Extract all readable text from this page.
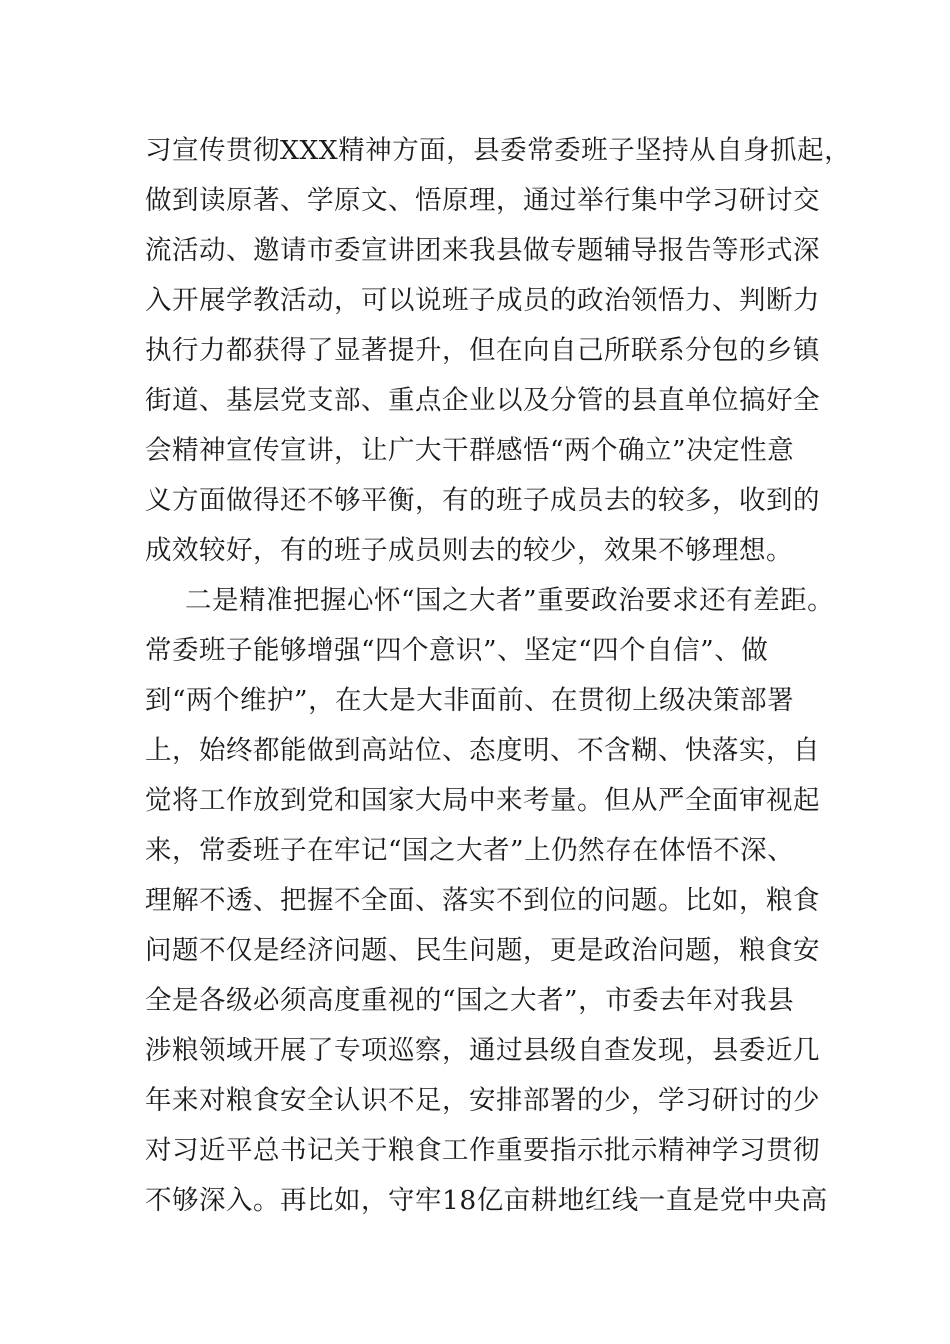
习宣传贯彻XXX精神方面，县委常委班子坚持从自身抓起，
做到读原著、学原文、悟原理，通过举行集中学习研讨交
流活动、邀请市委宣讲团来我县做专题辅导报告等形式深
入开展学教活动，可以说班子成员的政治领悟力、判断力
执行力都获得了显著提升，但在向自己所联系分包的乡镇
街道、基层党支部、重点企业以及分管的县直单位搞好全
会精神宣传宣讲，让广大干群感悟“两个确立”决定性意
义方面做得还不够平衡，有的班子成员去的较多，收到的
成效较好，有的班子成员则去的较少，效果不够理想。
二是精准把握心怀“国之大者”重要政治要求还有差距。
常委班子能够增强“四个意识”、坚定“四个自信”、做
到“两个维护”，在大是大非面前、在贯彻上级决策部署
上，始终都能做到高站位、态度明、不含糊、快落实，自
觉将工作放到党和国家大局中来考量。但从严全面审视起
来，常委班子在牢记“国之大者”上仍然存在体悟不深、
理解不透、把握不全面、落实不到位的问题。比如，粮食
问题不仅是经济问题、民生问题，更是政治问题，粮食安
全是各级必须高度重视的“国之大者”，市委去年对我县
涉粮领域开展了专项巡察，通过县级自查发现，县委近几
年来对粮食安全认识不足，安排部署的少，学习研讨的少
对习近平总书记关于粮食工作重要指示批示精神学习贯彻
不够深入。再比如，守牢18亿亩耕地红线一直是党中央高
